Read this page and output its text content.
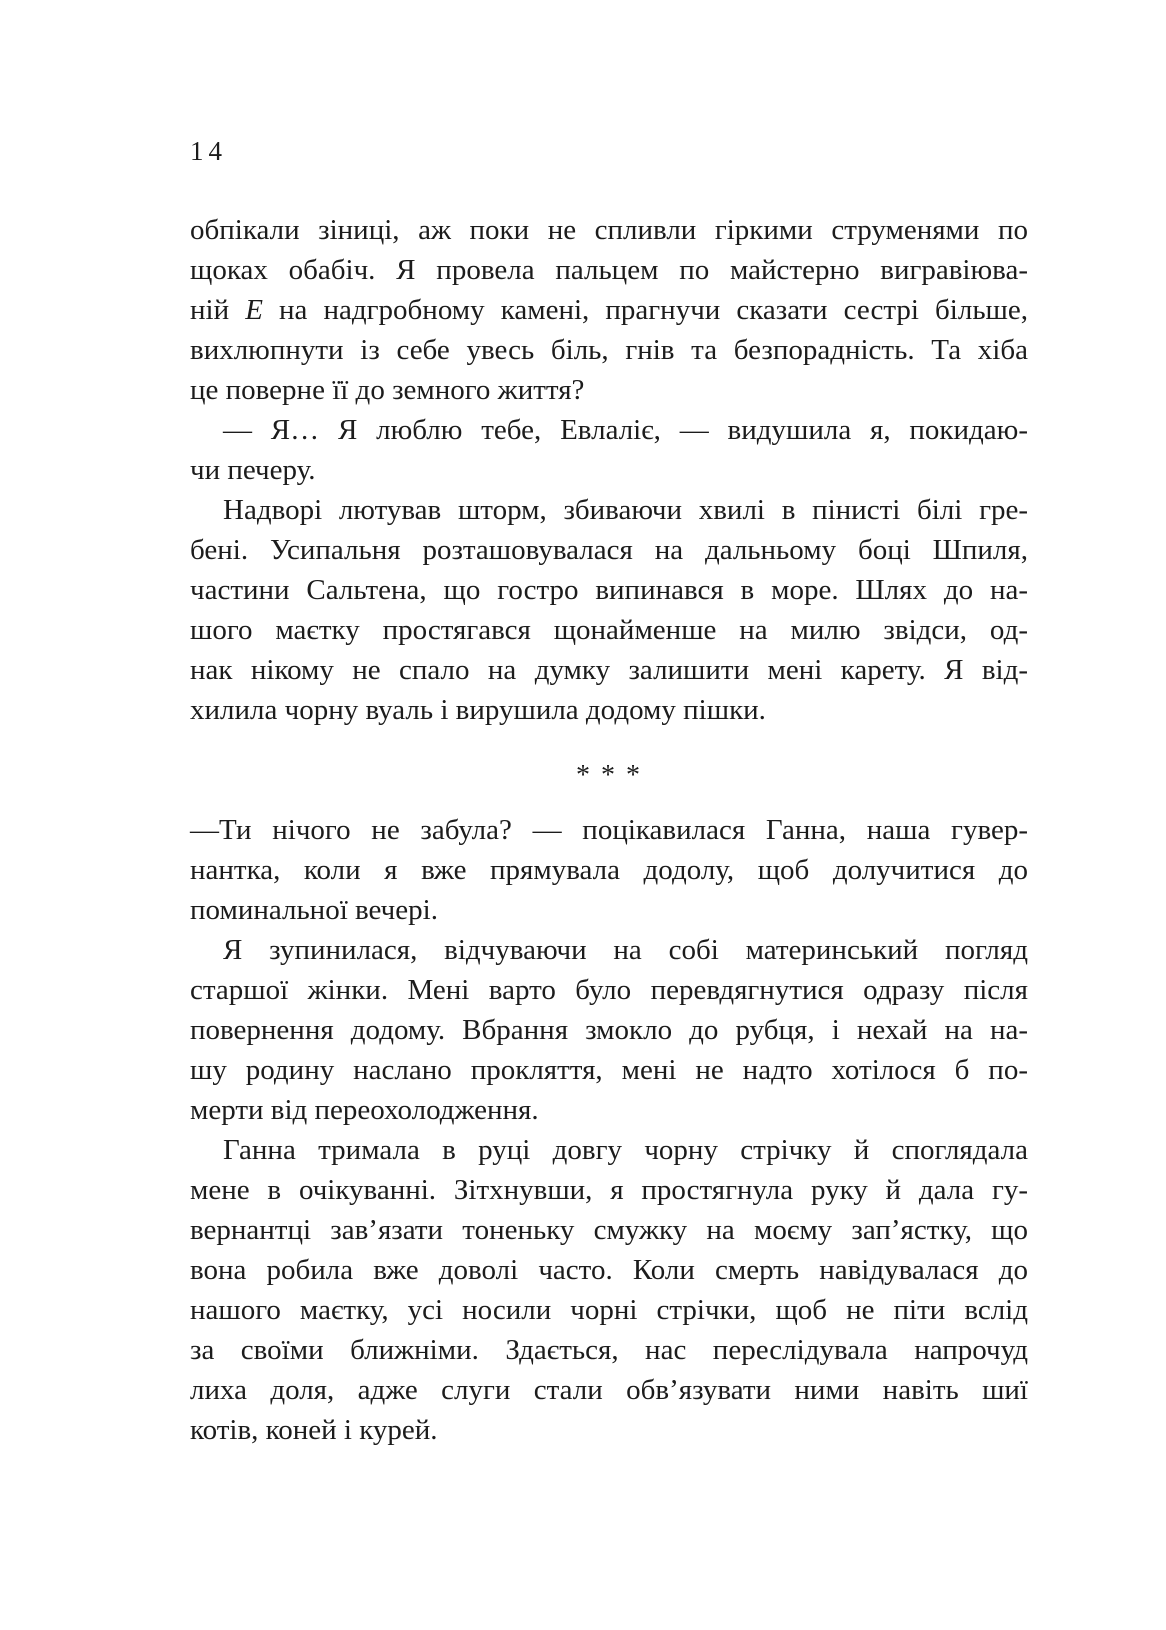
14
обпікали зіниці, аж поки не спливли гіркими струменями по
щоках обабіч. Я провела пальцем по майстерно вигравіюва-
ній Е на надгробному камені, прагнучи сказати сестрі більше,
вихлюпнути із себе увесь біль, гнів та безпорадність. Та хіба
це поверне її до земного життя?
— Я… Я люблю тебе, Евлаліє, — видушила я, покидаю-
чи печеру.
Надворі лютував шторм, збиваючи хвилі в пінисті білі гре-
бені. Усипальня розташовувалася на дальньому боці Шпиля,
частини Сальтена, що гостро випинався в море. Шлях до на-
шого маєтку простягався щонайменше на милю звідси, од-
нак нікому не спало на думку залишити мені карету. Я від-
хилила чорну вуаль і вирушила додому пішки.
* * *
—Ти нічого не забула? — поцікавилася Ганна, наша гувер-
нантка, коли я вже прямувала додолу, щоб долучитися до
поминальної вечері.
Я зупинилася, відчуваючи на собі материнський погляд
старшої жінки. Мені варто було перевдягнутися одразу після
повернення додому. Вбрання змокло до рубця, і нехай на на-
шу родину наслано прокляття, мені не надто хотілося б по-
мерти від переохолодження.
Ганна тримала в руці довгу чорну стрічку й споглядала
мене в очікуванні. Зітхнувши, я простягнула руку й дала гу-
вернантці зав’язати тоненьку смужку на моєму зап’ястку, що
вона робила вже доволі часто. Коли смерть навідувалася до
нашого маєтку, усі носили чорні стрічки, щоб не піти вслід
за своїми ближніми. Здається, нас переслідувала напрочуд
лиха доля, адже слуги стали обв’язувати ними навіть шиї
котів, коней і курей.
